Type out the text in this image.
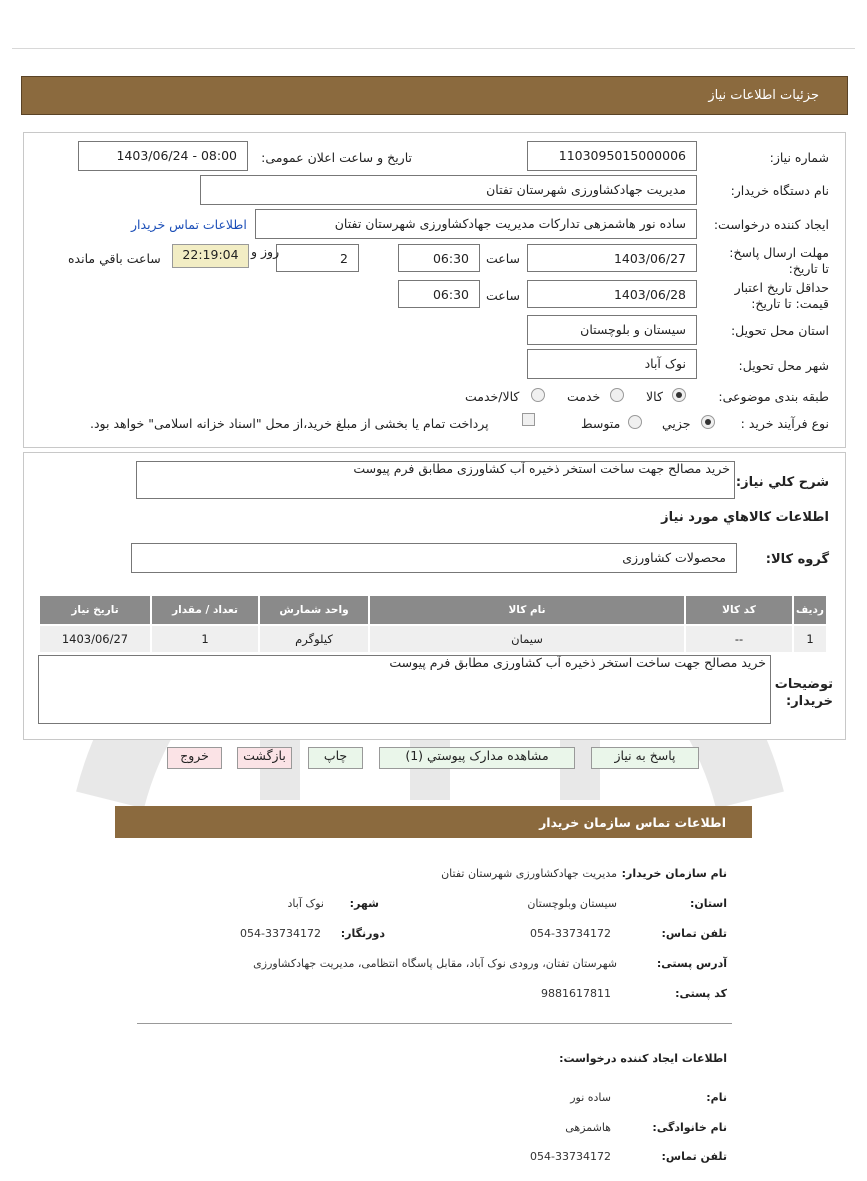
جزئیات اطلاعات نیاز
شماره نیاز:
1103095015000006
تاریخ و ساعت اعلان عمومی:
1403/06/24 - 08:00
نام دستگاه خریدار:
مدیریت جهادکشاورزی شهرستان تفتان
ایجاد کننده درخواست:
ساده نور هاشمزهی تدارکات مدیریت جهادکشاورزی شهرستان تفتان
اطلاعات تماس خریدار
مهلت ارسال پاسخ: تا تاریخ:
1403/06/27
ساعت
06:30
2
روز و
22:19:04
ساعت باقي مانده
حداقل تاریخ اعتبار قیمت: تا تاریخ:
1403/06/28
ساعت
06:30
استان محل تحویل:
سیستان و بلوچستان
شهر محل تحویل:
نوک آباد
طبقه بندی موضوعی:
کالا
خدمت
کالا/خدمت
نوع فرآیند خرید :
جزیي
متوسط
پرداخت تمام یا بخشی از مبلغ خرید،از محل "اسناد خزانه اسلامی" خواهد بود.
شرح کلي نیاز:
خرید مصالح جهت ساخت استخر ذخیره آب کشاورزی مطابق فرم پیوست
اطلاعات کالاهاي مورد نياز
گروه کالا:
محصولات کشاورزی
ردیف	کد کالا	نام کالا	واحد شمارش	تعداد / مقدار	تاریخ نیاز
1	--	سیمان	کیلوگرم	1	1403/06/27
توضیحات خریدار:
خرید مصالح جهت ساخت استخر ذخیره آب کشاورزی مطابق فرم پیوست
پاسخ به نیاز
مشاهده مدارک پیوستي (1)
چاپ
بازگشت
خروج
اطلاعات تماس سازمان خریدار
نام سازمان خریدار:
مدیریت جهادکشاورزی شهرستان تفتان
استان:
سیستان وبلوچستان
شهر:
نوک آباد
تلفن تماس:
054-33734172
دورنگار:
054-33734172
آدرس پستی:
شهرستان تفتان، ورودی نوک آباد، مقابل پاسگاه انتظامی، مدیریت جهادکشاورزی
کد پستی:
9881617811
اطلاعات ایجاد کننده درخواست:
نام:
ساده نور
نام خانوادگی:
هاشمزهی
تلفن تماس:
054-33734172
